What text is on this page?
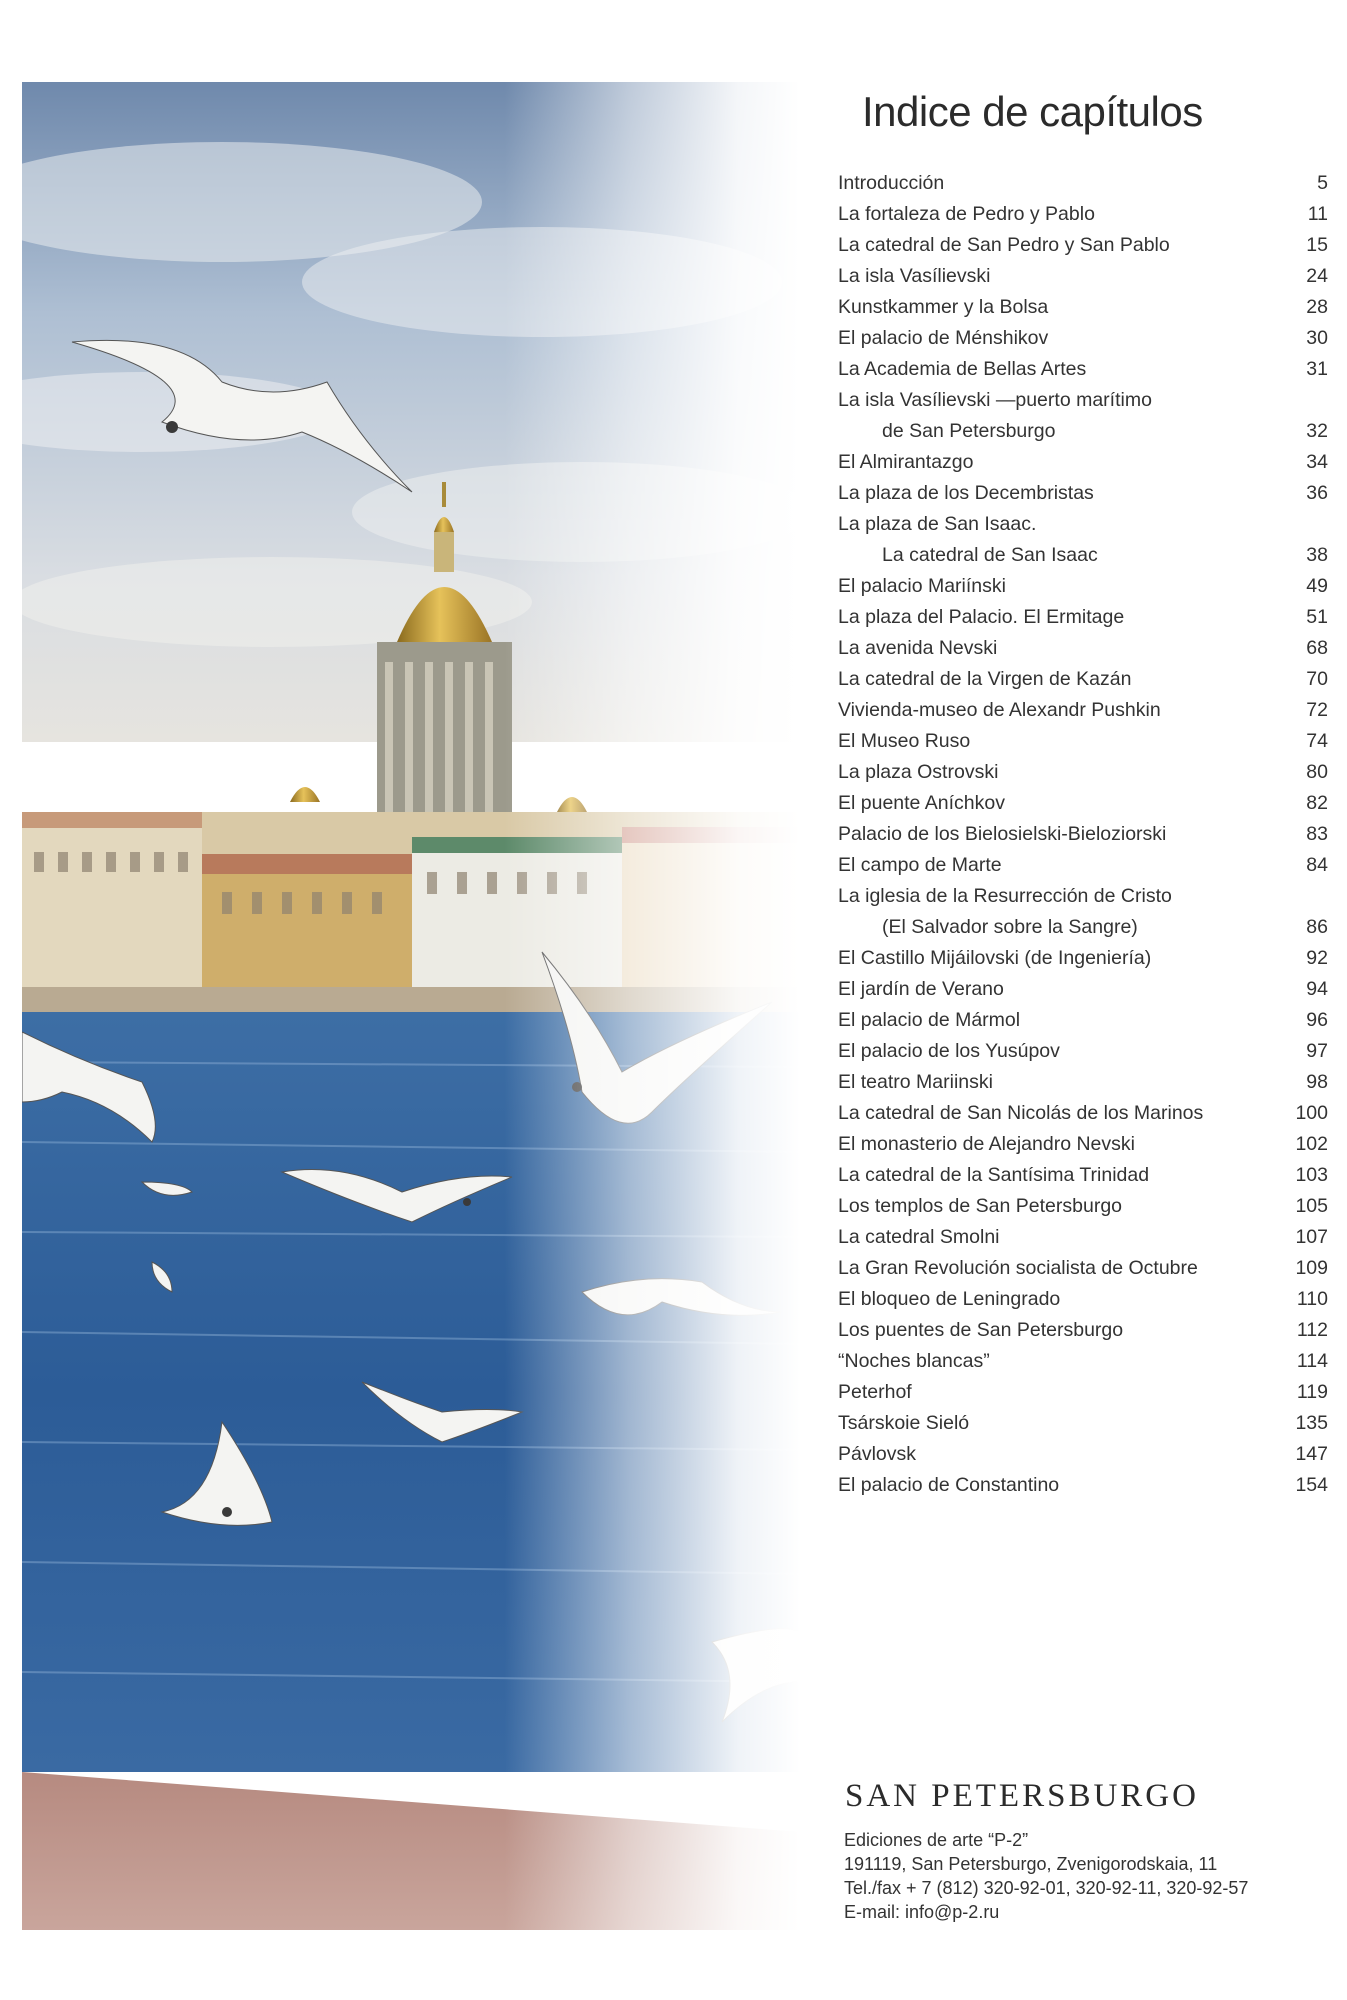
Indice de capítulos
Introducción	5
La fortaleza de Pedro y Pablo	11
La catedral de San Pedro y San Pablo	15
La isla Vasílievski	24
Kunstkammer y la Bolsa	28
El palacio de Ménshikov	30
La Academia de Bellas Artes	31
La isla Vasílievski —puerto marítimo
de San Petersburgo	32
El Almirantazgo	34
La plaza de los Decembristas	36
La plaza de San Isaac.
La catedral de San Isaac	38
El palacio Mariínski	49
La plaza del Palacio. El Ermitage	51
La avenida Nevski	68
La catedral de la Virgen de Kazán	70
Vivienda-museo de Alexandr Pushkin	72
El Museo Ruso	74
La plaza Ostrovski	80
El puente Aníchkov	82
Palacio de los Bielosielski-Bieloziorski	83
El campo de Marte	84
La iglesia de la Resurrección de Cristo
(El Salvador sobre la Sangre)	86
El Castillo Mijáilovski (de Ingeniería)	92
El jardín de Verano	94
El palacio de Mármol	96
El palacio de los Yusúpov	97
El teatro Mariinski	98
La catedral de San Nicolás de los Marinos	100
El monasterio de Alejandro Nevski	102
La catedral de la Santísima Trinidad	103
Los templos de San Petersburgo	105
La catedral Smolni	107
La Gran Revolución socialista de Octubre	109
El bloqueo de Leningrado	110
Los puentes de San Petersburgo	112
“Noches blancas”	114
Peterhof	119
Tsárskoie Sieló	135
Pávlovsk	147
El palacio de Constantino	154
SAN PETERSBURGO
Ediciones de arte “P-2”
191119, San Petersburgo, Zvenigorodskaia, 11
Tel./fax + 7 (812) 320-92-01, 320-92-11, 320-92-57
E-mail: info@p-2.ru
